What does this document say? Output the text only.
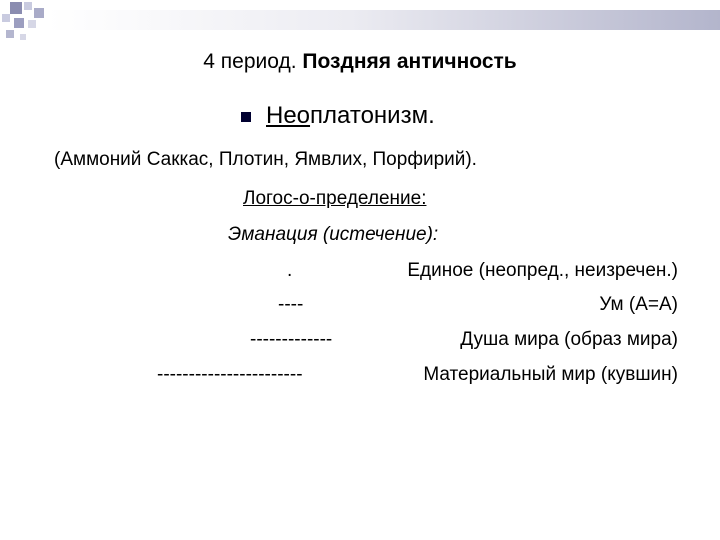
4 период. Поздняя античность
Неоплатонизм.
(Аммоний Саккас, Плотин, Ямвлих, Порфирий).
Логос-о-пределение:
Эманация (истечение):
.	Единое (неопред., неизречен.)
----	Ум (А=А)
-------------	Душа мира (образ мира)
-----------------------	Материальный мир (кувшин)
